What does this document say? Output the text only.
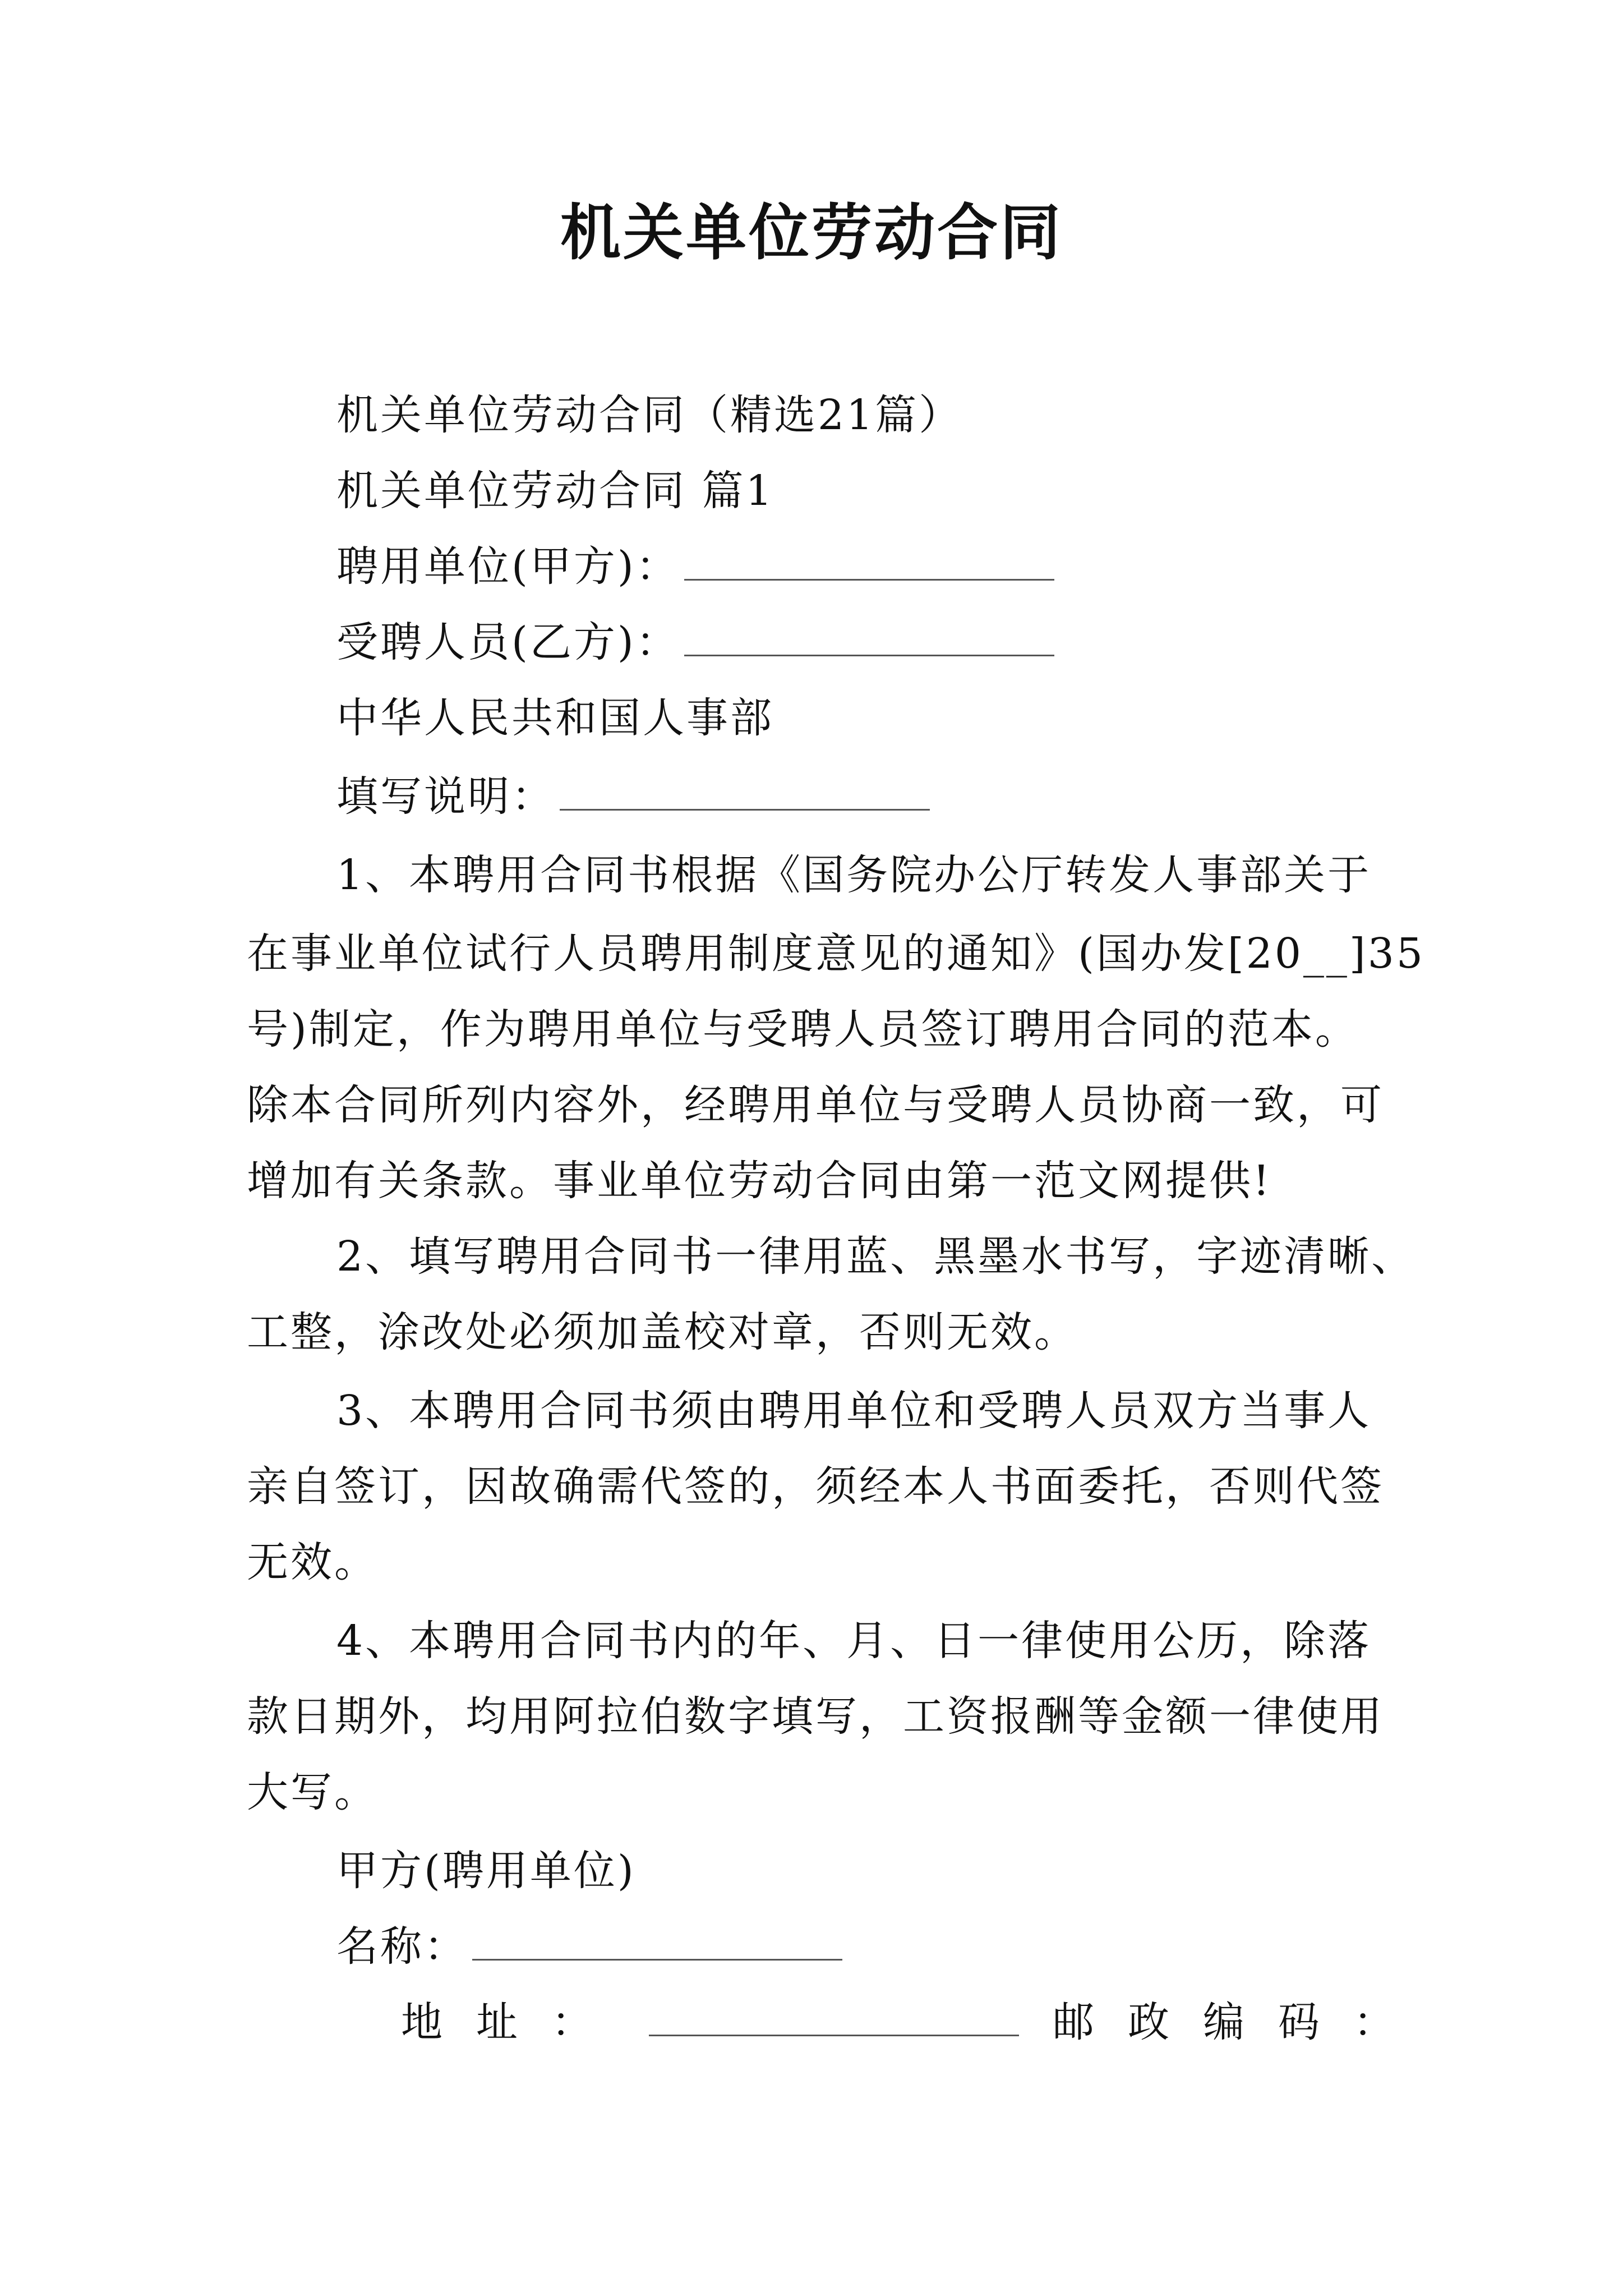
机关单位劳动合同
机关单位劳动合同（精选21篇）
机关单位劳动合同 篇1
聘用单位(甲方)：
受聘人员(乙方)：
中华人民共和国人事部
填写说明：
1、本聘用合同书根据《国务院办公厅转发人事部关于
在事业单位试行人员聘用制度意见的通知》(国办发[20__]35
号)制定，作为聘用单位与受聘人员签订聘用合同的范本。
除本合同所列内容外，经聘用单位与受聘人员协商一致，可
增加有关条款。事业单位劳动合同由第一范文网提供!
2、填写聘用合同书一律用蓝、黑墨水书写，字迹清晰、
工整，涂改处必须加盖校对章，否则无效。
3、本聘用合同书须由聘用单位和受聘人员双方当事人
亲自签订，因故确需代签的，须经本人书面委托，否则代签
无效。
4、本聘用合同书内的年、月、日一律使用公历，除落
款日期外，均用阿拉伯数字填写，工资报酬等金额一律使用
大写。
甲方(聘用单位)
名称：
地址：	邮政编码：
